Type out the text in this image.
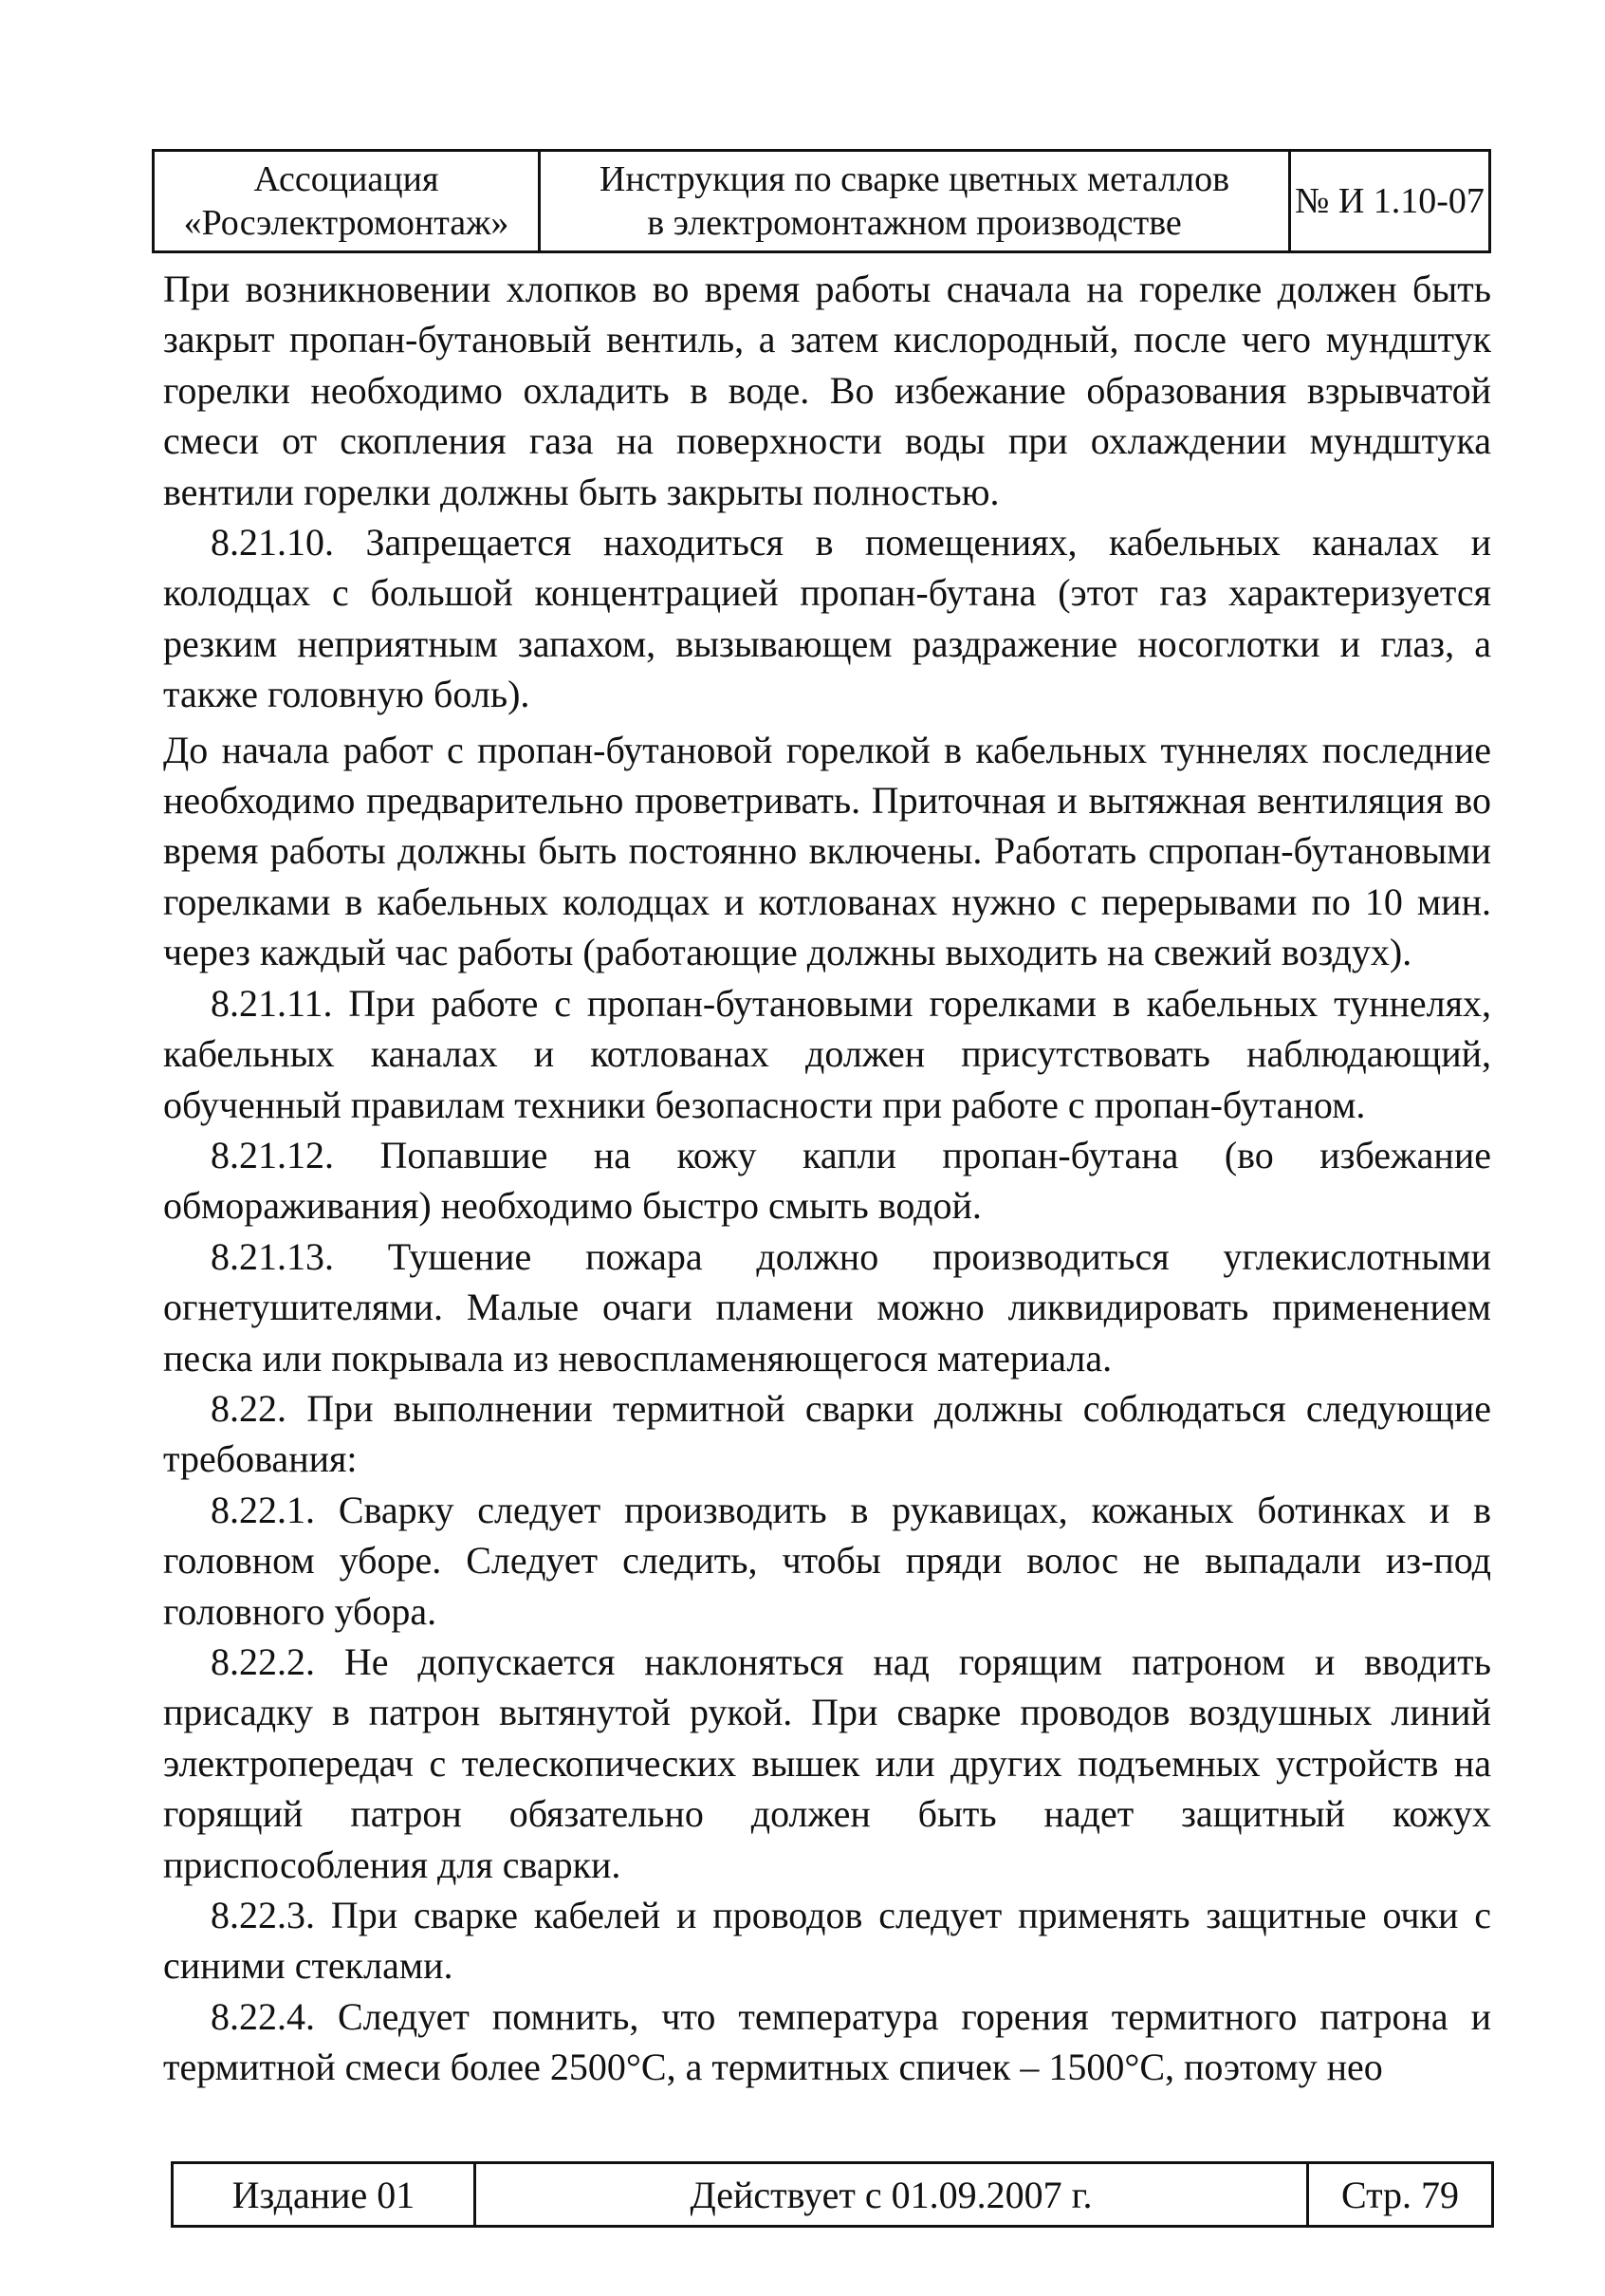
Ассоциация
«Росэлектромонтаж»
Инструкция по сварке цветных металлов
в электромонтажном производстве
№ И 1.10-07

При возникновении хлопков во время работы сначала на горелке должен быть закрыт пропан-бутановый вентиль, а затем кислородный, после чего мундштук горелки необходимо охладить в воде. Во избежание образования взрывчатой смеси от скопления газа на поверхности воды при охлаждении мундштука вентили горелки должны быть закрыты полностью.

8.21.10. Запрещается находиться в помещениях, кабельных каналах и колодцах с большой концентрацией пропан-бутана (этот газ характеризуется резким неприятным запахом, вызывающем раздражение носоглотки и глаз, а также головную боль).

До начала работ с пропан-бутановой горелкой в кабельных туннелях последние необходимо предварительно проветривать. Приточная и вытяжная вентиляция во время работы должны быть постоянно включены. Работать спропан-бутановыми горелками в кабельных колодцах и котлованах нужно с перерывами по 10 мин. через каждый час работы (работающие должны выходить на свежий воздух).

8.21.11. При работе с пропан-бутановыми горелками в кабельных туннелях, кабельных каналах и котлованах должен присутствовать наблюдающий, обученный правилам техники безопасности при работе с пропан-бутаном.

8.21.12. Попавшие на кожу капли пропан-бутана (во избежание обмораживания) необходимо быстро смыть водой.

8.21.13. Тушение пожара должно производиться углекислотными огнетушителями. Малые очаги пламени можно ликвидировать применением песка или покрывала из невоспламеняющегося материала.

8.22. При выполнении термитной сварки должны соблюдаться следующие требования:

8.22.1. Сварку следует производить в рукавицах, кожаных ботинках и в головном уборе. Следует следить, чтобы пряди волос не выпадали из-под головного убора.

8.22.2. Не допускается наклоняться над горящим патроном и вводить присадку в патрон вытянутой рукой. При сварке проводов воздушных линий электропередач с телескопических вышек или других подъемных устройств на горящий патрон обязательно должен быть надет защитный кожух приспособления для сварки.

8.22.3. При сварке кабелей и проводов следует применять защитные очки с синими стеклами.

8.22.4. Следует помнить, что температура горения термитного патрона и термитной смеси более 2500°С, а термитных спичек – 1500°С, поэтому нео

Издание 01	Действует с 01.09.2007 г.	Стр. 79
